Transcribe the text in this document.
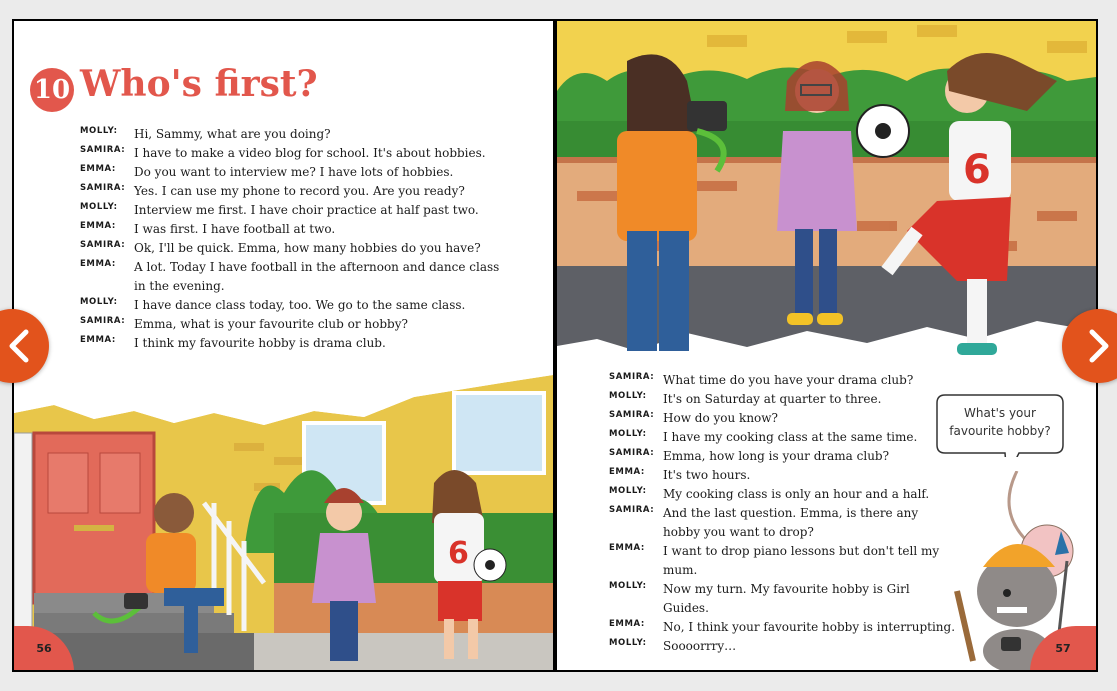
10 Who's first?
MOLLY:	Hi, Sammy, what are you doing?
SAMIRA: I have to make a video blog for school. It's about hobbies.
EMMA:	Do you want to interview me? I have lots of hobbies.
SAMIRA: Yes. I can use my phone to record you. Are you ready?
MOLLY:	Interview me first. I have choir practice at half past two.
EMMA:	I was first. I have football at two.
SAMIRA: Ok, I'll be quick. Emma, how many hobbies do you have?
EMMA:	A lot. Today I have football in the afternoon and dance class in the evening.
MOLLY:	I have dance class today, too. We go to the same class.
SAMIRA: Emma, what is your favourite club or hobby?
EMMA:	I think my favourite hobby is drama club.
6
56
6
SAMIRA: What time do you have your drama club?
MOLLY:	It's on Saturday at quarter to three.
SAMIRA: How do you know?
MOLLY:	I have my cooking class at the same time.
SAMIRA: Emma, how long is your drama club?
EMMA:	It's two hours.
MOLLY:	My cooking class is only an hour and a half.
SAMIRA: And the last question. Emma, is there any hobby you want to drop?
EMMA:	I want to drop piano lessons but don't tell my mum.
MOLLY:	Now my turn. My favourite hobby is Girl Guides.
EMMA:	No, I think your favourite hobby is interrupting.
MOLLY:	Soooorrry…
What's your favourite hobby?
57
